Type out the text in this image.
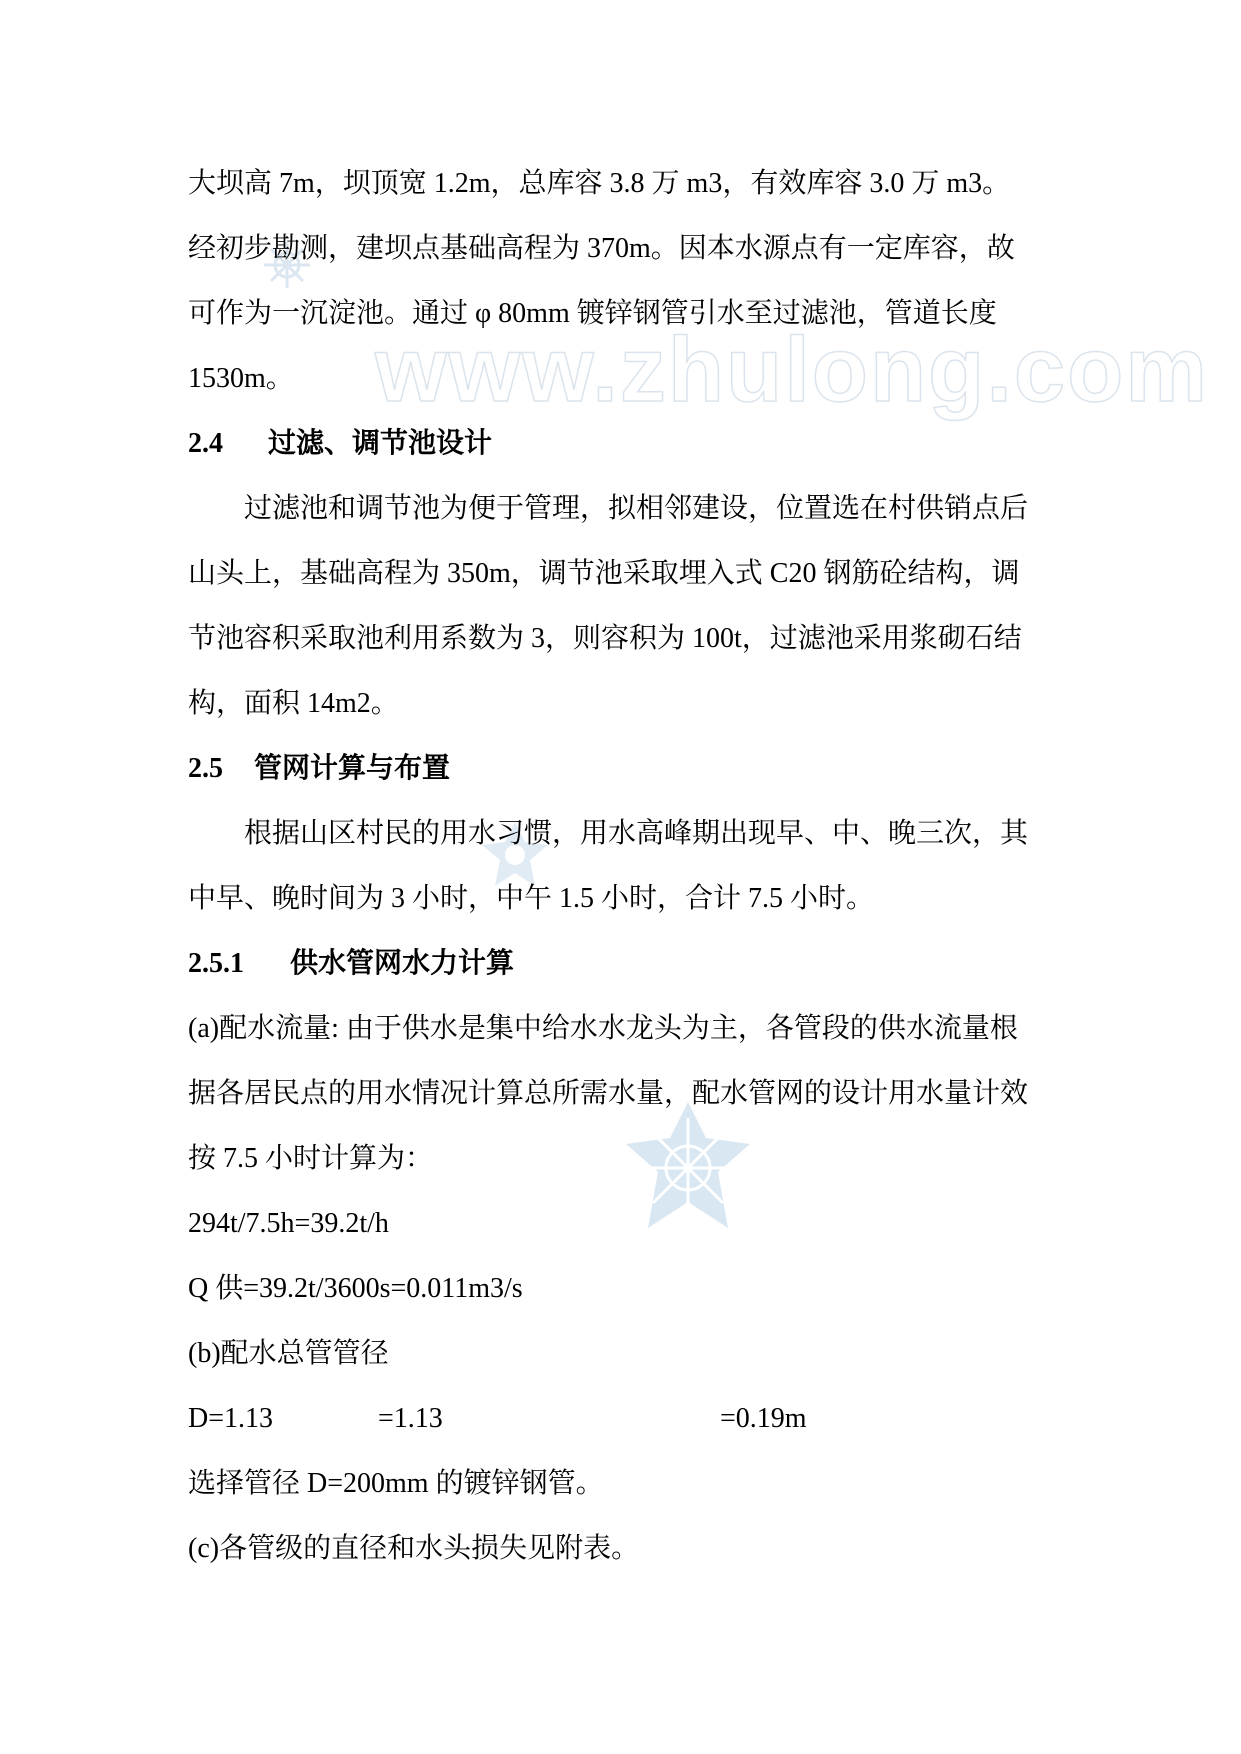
www.zhulong.com
大坝高 7m，坝顶宽 1.2m，总库容 3.8 万 m3，有效库容 3.0 万 m3。
经初步勘测，建坝点基础高程为 370m。因本水源点有一定库容，故
可作为一沉淀池。通过 φ 80mm 镀锌钢管引水至过滤池，管道长度
1530m。
2.4 过滤、调节池设计
过滤池和调节池为便于管理，拟相邻建设，位置选在村供销点后
山头上，基础高程为 350m，调节池采取埋入式 C20 钢筋砼结构，调
节池容积采取池利用系数为 3，则容积为 100t，过滤池采用浆砌石结
构，面积 14m2。
2.5 管网计算与布置
根据山区村民的用水习惯，用水高峰期出现早、中、晚三次，其
中早、晚时间为 3 小时，中午 1.5 小时，合计 7.5 小时。
2.5.1 供水管网水力计算
(a)配水流量: 由于供水是集中给水水龙头为主，各管段的供水流量根
据各居民点的用水情况计算总所需水量，配水管网的设计用水量计效
按 7.5 小时计算为：
294t/7.5h=39.2t/h
Q 供=39.2t/3600s=0.011m3/s
(b)配水总管管径
D=1.13	=1.13	=0.19m
选择管径 D=200mm 的镀锌钢管。
(c)各管级的直径和水头损失见附表。
